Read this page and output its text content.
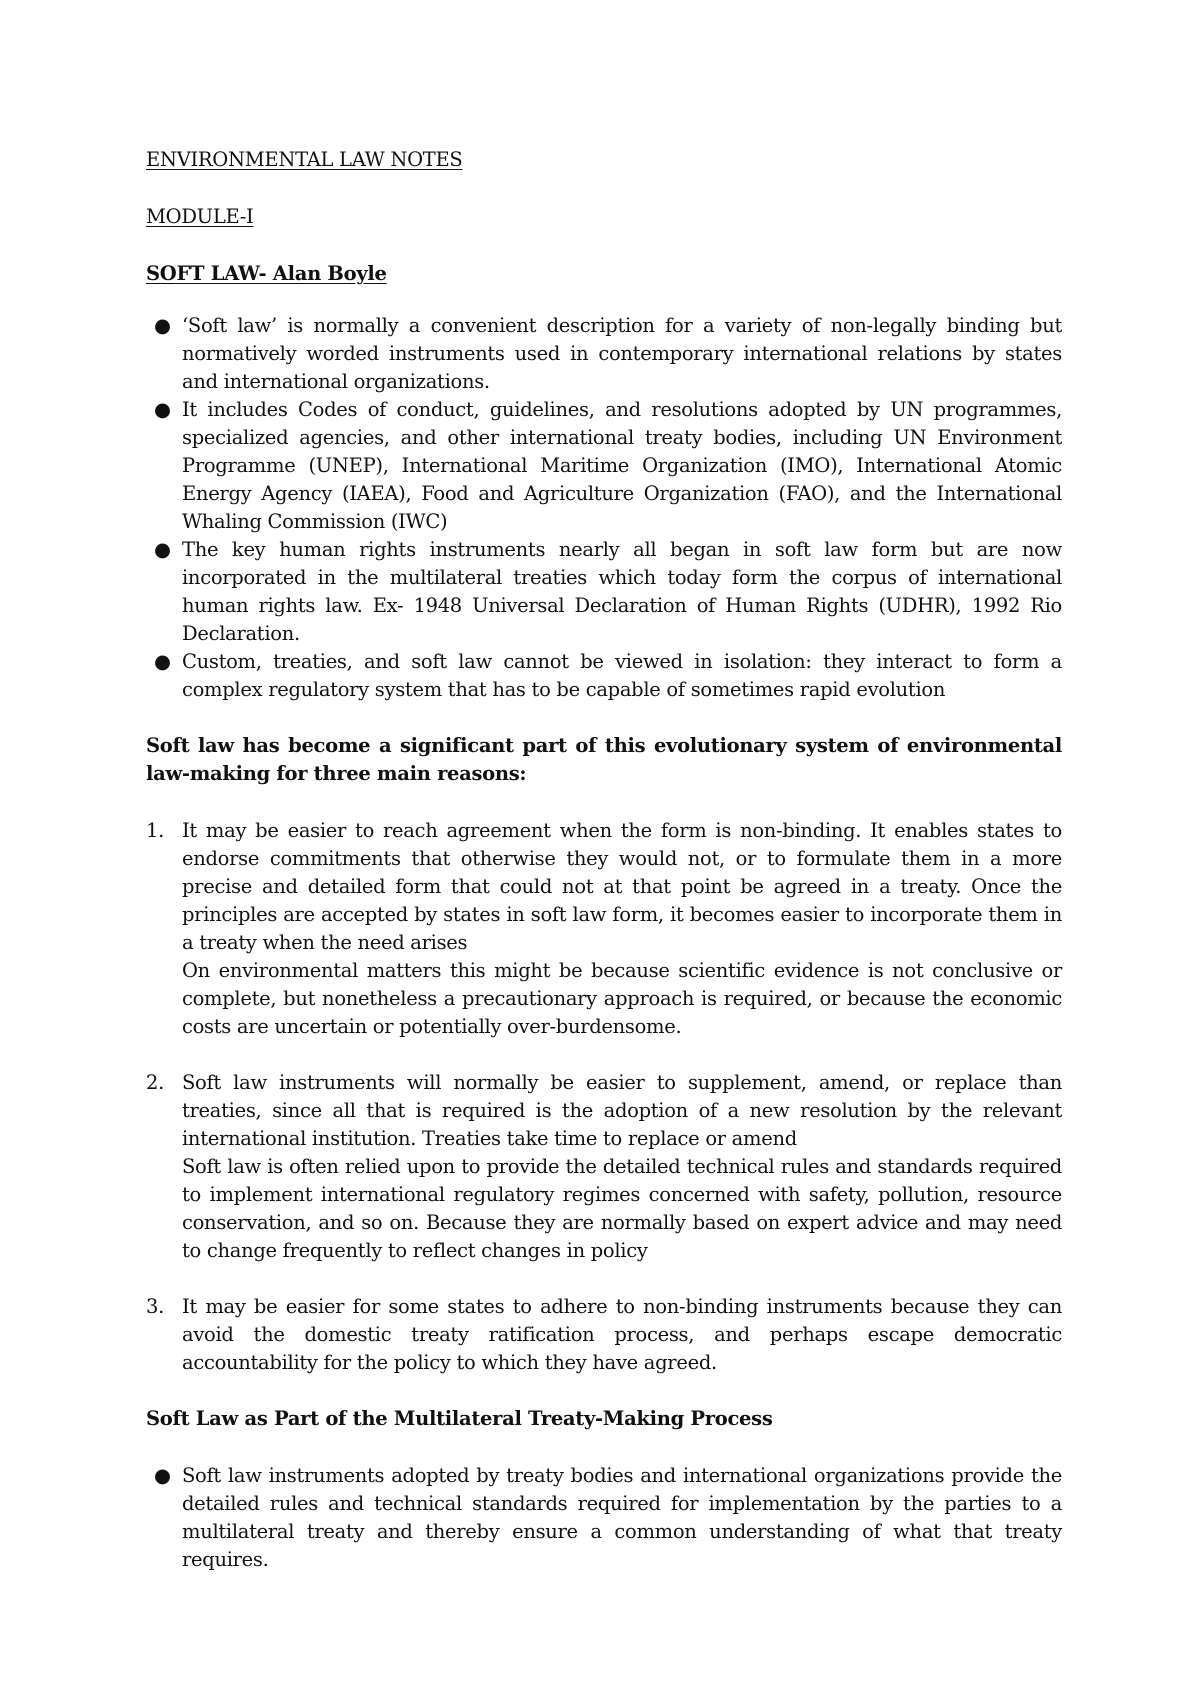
ENVIRONMENTAL LAW NOTES

MODULE-I

SOFT LAW- Alan Boyle

● ‘Soft law’ is normally a convenient description for a variety of non-legally binding but normatively worded instruments used in contemporary international relations by states and international organizations.
● It includes Codes of conduct, guidelines, and resolutions adopted by UN programmes, specialized agencies, and other international treaty bodies, including UN Environment Programme (UNEP), International Maritime Organization (IMO), International Atomic Energy Agency (IAEA), Food and Agriculture Organization (FAO), and the International Whaling Commission (IWC)
● The key human rights instruments nearly all began in soft law form but are now incorporated in the multilateral treaties which today form the corpus of international human rights law. Ex- 1948 Universal Declaration of Human Rights (UDHR), 1992 Rio Declaration.
● Custom, treaties, and soft law cannot be viewed in isolation: they interact to form a complex regulatory system that has to be capable of sometimes rapid evolution

Soft law has become a significant part of this evolutionary system of environmental law-making for three main reasons:

1. It may be easier to reach agreement when the form is non-binding. It enables states to endorse commitments that otherwise they would not, or to formulate them in a more precise and detailed form that could not at that point be agreed in a treaty. Once the principles are accepted by states in soft law form, it becomes easier to incorporate them in a treaty when the need arises

On environmental matters this might be because scientific evidence is not conclusive or complete, but nonetheless a precautionary approach is required, or because the economic costs are uncertain or potentially over-burdensome.

2. Soft law instruments will normally be easier to supplement, amend, or replace than treaties, since all that is required is the adoption of a new resolution by the relevant international institution. Treaties take time to replace or amend

Soft law is often relied upon to provide the detailed technical rules and standards required to implement international regulatory regimes concerned with safety, pollution, resource conservation, and so on. Because they are normally based on expert advice and may need to change frequently to reflect changes in policy

3. It may be easier for some states to adhere to non-binding instruments because they can avoid the domestic treaty ratification process, and perhaps escape democratic accountability for the policy to which they have agreed.

Soft Law as Part of the Multilateral Treaty-Making Process

● Soft law instruments adopted by treaty bodies and international organizations provide the detailed rules and technical standards required for implementation by the parties to a multilateral treaty and thereby ensure a common understanding of what that treaty requires.
